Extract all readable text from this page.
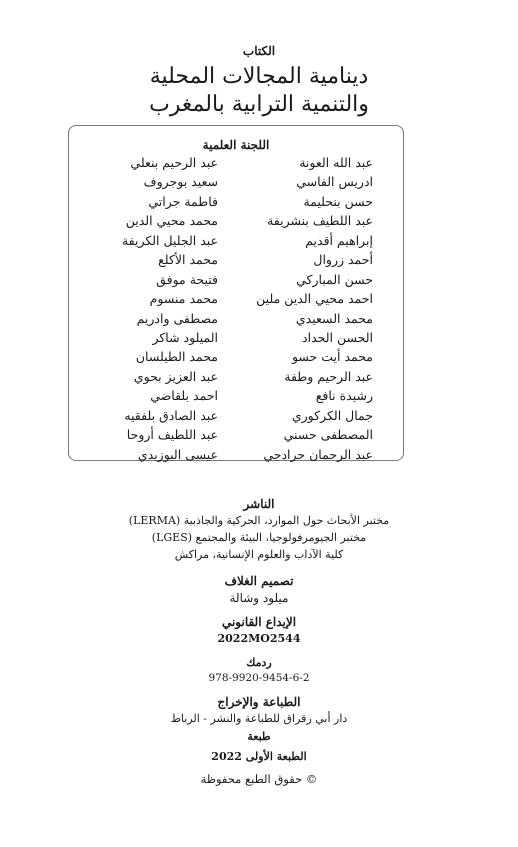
الكتاب
دينامية المجالات المحلية
والتنمية الترابية بالمغرب
اللجنة العلمية
عبد الله العونة
ادريس الفاسي
حسن بنحليمة
عبد اللطيف بنشريفة
إبراهيم أقديم
أحمد زروال
حسن المباركي
احمد محيي الدين ملين
محمد السعيدي
الحسن الحداد
محمد أيت حسو
عبد الرحيم وطفة
رشيدة نافع
جمال الكركوري
المصطفى حسني
عبد الرحمان حرادجي
عبد الرحيم بنعلي
سعيد بوجروف
فاطمة جراتي
محمد محيي الدين
عبد الجليل الكريفة
محمد الأكلع
فتيحة موفق
محمد منسوم
مصطفى وادريم
الميلود شاكر
محمد الطيلسان
عبد العزيز بحوي
احمد بلقاضي
عبد الصادق بلفقيه
عبد اللطيف أروحا
عيسى البوزيدي
الناشر
مختبر الأبحاث حول الموارد، الحركية والجاذبية (LERMA)
مختبر الجيومرفولوجيا، البيئة والمجتمع (LGES)
كلية الآداب والعلوم الإنسانية، مراكش
تصميم الغلاف
ميلود وشالة
الإيداع القانوني
2022MO2544
ردمك
978-9920-9454-6-2
الطباعة والإخراج
دار أبي رقراق للطباعة والنشر - الرباط
طبعة
الطبعة الأولى 2022
© حقوق الطبع محفوظة
